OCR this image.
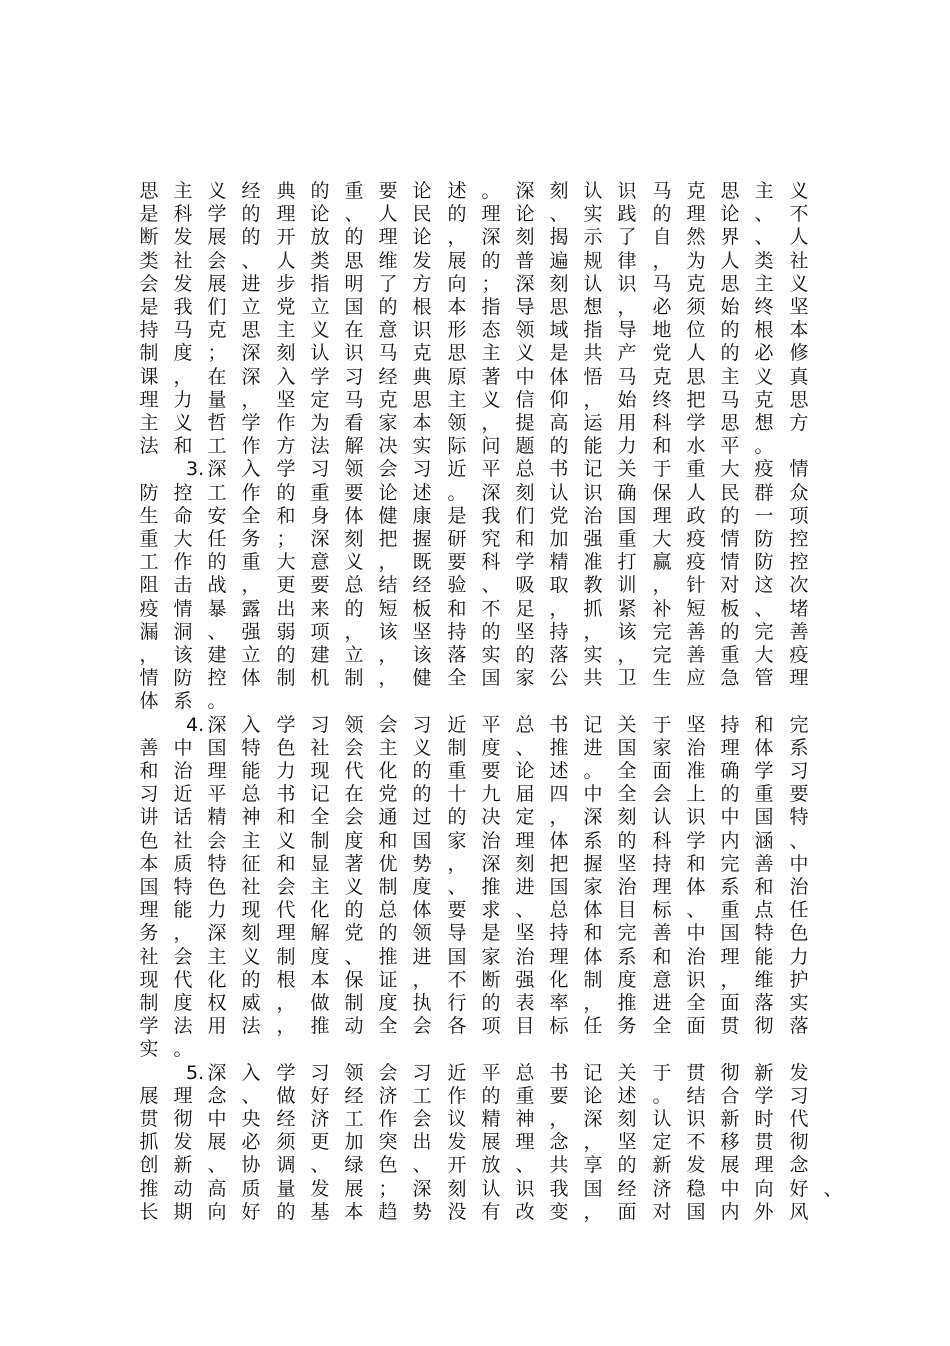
思 主 义 经 典 的 重 要 论 述 。 深 刻 认 识 马 克 思 主 义
是 科 学 的 理 论 、 人 民 的 理 论 、 实 践 的 理 论 、 不
断 发 展 的 开 放 的 理 论 ， 深 刻 揭 示 了 自 然 界 、 人
类 社 会 、 人 类 思 维 发 展 的 普 遍 规 律 ， 为 人 类 社
会 发 展 进 步 指 明 了 方 向 ； 深 刻 认 识 马 克 思 主 义
是 我 们 立 党 立 国 的 根 本 指 导 思 想 ， 必 须 始 终 坚
持 马 克 思 主 义 在 意 识 形 态 领 域 指 导 地 位 的 根 本
制 度 ； 深 刻 认 识 马 克 思 主 义 是 共 产 党 人 的 必 修
课 ， 在 深 入 学 习 经 典 原 著 中 体 悟 马 克 思 主 义 真
理 力 量 ， 坚 定 马 克 思 主 义 信 仰 ， 始 终 把 马 克 思
主 义 哲 学 作 为 看 家 本 领 ， 提 高 运 用 科 学 思 想 方
法 和 工 作 方 法 解 决 实 际 问 题 的 能 力 和 水 平 。
3. 深 入 学 习 领 会 习 近 平 总 书 记 关 于 重 大 疫 情
防 控 工 作 的 重 要 论 述 。 深 刻 认 识 确 保 人 民 群 众
生 命 安 全 和 身 体 健 康 是 我 们 党 治 国 理 政 的 一 项
重 大 任 务 ； 深 刻 把 握 研 究 和 加 强 重 大 疫 情 防 控
工 作 的 重 大 意 义 ， 既 要 科 学 精 准 打 赢 疫 情 防 控
阻 击 战 ， 更 要 总 结 经 验 、 吸 取 教 训 ， 针 对 这 次
疫 情 暴 露 出 来 的 短 板 和 不 足 ， 抓 紧 补 短 板 、 堵
漏 洞 、 强 弱 项 ， 该 坚 持 的 坚 持 ， 该 完 善 的 完 善
， 该 建 立 的 建 立 ， 该 落 实 的 落 实 ， 完 善 重 大 疫
情 防 控 体 制 机 制 ， 健 全 国 家 公 共 卫 生 应 急 管 理
体 系 。
4. 深 入 学 习 领 会 习 近 平 总 书 记 关 于 坚 持 和 完
善 中 国 特 色 社 会 主 义 制 度 、 推 进 国 家 治 理 体 系
和 治 理 能 力 现 代 化 的 重 要 论 述 。 全 面 准 确 学 习
习 近 平 总 书 记 在 党 的 十 九 届 四 中 全 会 上 的 重 要
讲 话 精 神 和 全 会 通 过 的 决 定 ， 深 刻 认 识 中 国 特
色 社 会 主 义 制 度 和 国 家 治 理 体 系 的 科 学 内 涵 、
本 质 特 征 和 显 著 优 势 ， 深 刻 把 握 坚 持 和 完 善 中
国 特 色 社 会 主 义 制 度 、 推 进 国 家 治 理 体 系 和 治
理 能 力 现 代 化 的 总 体 要 求 、 总 体 目 标 、 重 点 任
务 ， 深 刻 理 解 党 的 领 导 是 坚 持 和 完 善 中 国 特 色
社 会 主 义 制 度 、 推 进 国 家 治 理 体 系 和 治 理 能 力
现 代 化 的 根 本 保 证 ， 不 断 强 化 制 度 意 识 ， 维 护
制 度 权 威 ， 做 制 度 执 行 的 表 率 ， 推 进 全 面 落 实
学 法 用 法 ， 推 动 全 会 各 项 目 标 任 务 全 面 贯 彻 落
实 。
5. 深 入 学 习 领 会 习 近 平 总 书 记 关 于 贯 彻 新 发
展 理 念 、 做 好 经 济 工 作 的 重 要 论 述 。 结 合 学 习
贯 彻 中 央 经 济 工 作 会 议 精 神 ， 深 刻 认 识 新 时 代
抓 发 展 必 须 更 加 突 出 发 展 理 念 ， 坚 定 不 移 贯 彻
创 新 、 协 调 、 绿 色 、 开 放 、 共 享 的 新 发 展 理 念
推 动 高 质 量 发 展 ； 深 刻 认 识 我 国 经 济 稳 中 向 好 、
长 期 向 好 的 基 本 趋 势 没 有 改 变 ， 面 对 国 内 外 风
